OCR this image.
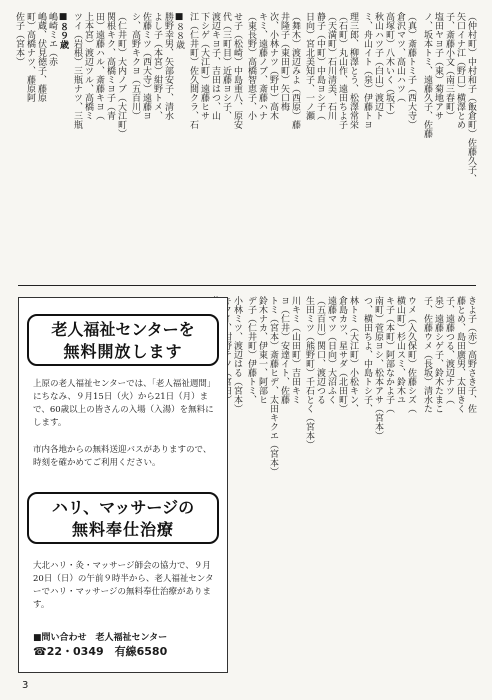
（仲村町）中村和子（飯倉町）佐藤久子、
矢口イナ江（野口）横澤とめ
子、斎藤小文（南三春町）
塩田ヤヨ子（東）菊地アサ
ノ、坂本トミ、遠藤久子、佐藤
（真）斎藤トミ子（西大寺）
倉沢マツ、高山ハツ（
高塚町）八木いく（坂下）
秋山ハツ子（白山）渡辺ト
ミ、舟山イト（泉）伊藤トヨ
理三郎、柳澤とう、松澤常栄
（石町）丸山作、遠田ちよ子
（天満町）石川清美、石川
静子（中町）中島ヨシ子（
日向）宮北美知子、一ノ瀬
（舞木）渡辺みよ（西原）藤
井隆子（東田町）矢口梅
次、小林ナツ（野中）高木
キミ、遠藤ノブ、斎藤ハナ
（東長野）高橋智恵子、小
せ子（松崎）中島重八、原安
代（三町目）近藤ヨシ子、
渡辺キヨ子、吉田はつ、山
下シゲ（大江町）遠藤ヒサ
江（仁井町）佐久間クラ、石
■８８歳
勝野幸男、矢部安子、清水
よし子（本宮）紺野トメ、
佐藤ミツ（西大寺）遠藤ヨ
シ、高野キクヨ（五百川）
（仁井町）大内ノブ（大江町）
関根キク、高橋ミヨ子（青
田）遠藤ハル、斎藤キヨ（
上本宮）渡辺ツル、高橋ミ
ツイ（岩根）三瓶ナツ、三瓶
■８９歳
嶋崎ミエ（赤
嶋蔵、伏見徳子、藤原
町）高橋ナツ、藤原阿
佐子（宮本）
きよ子（赤）高野さき子、佐
藤とめ、島田廣男、太田きく
子、遠藤つる、渡辺ナツ（
泉）遠藤シゲ子、鈴木たまこ
子、佐藤ウメ（長坂）清水た
ウメ（入久保町）佐藤シズ（
横山町）杉山スミ、鈴木ユ
キ子（本町）阿部なかよ子（
南町）菅原ヨシ、松本アサ（宮本）
つ、横田ちよ、中島トシ子、
林トミ（大江町）小松キン、
倉島カツ、星サダ（北田町）
遠藤マツ（日向）大沼ふく
（五百川）関口、渡辺つる
生田ミツ（熊野町）千石とく（宮本）
川キミ（山田町）吉田キミ
ヨ（仁井）安達イト、佐藤
トミ（宮本）斎藤ヒデ、太田キクエ（宮本）
鈴木ナカ、伊東一、阿部ヒ
デ子（仁井町）伊藤トミ、
小林ミツ、渡辺はる（宮本）
老人福祉センターを
無料開放します

上原の老人福祉センターでは、「老人福祉週間」にちなみ、９月15日（火）から21日（月）まで、60歳以上の皆さんの入場（入湯）を無料にします。

市内各地からの無料送迎バスがありますので、時刻を確かめてご利用ください。

ハリ、マッサージの
無料奉仕治療

大北ハリ・灸・マッサージ師会の協力で、９月20日（日）の午前９時半から、老人福祉センターでハリ・マッサージの無料奉仕治療があります。

■問い合わせ　老人福祉センター
☎22・0349　有線6580
3
